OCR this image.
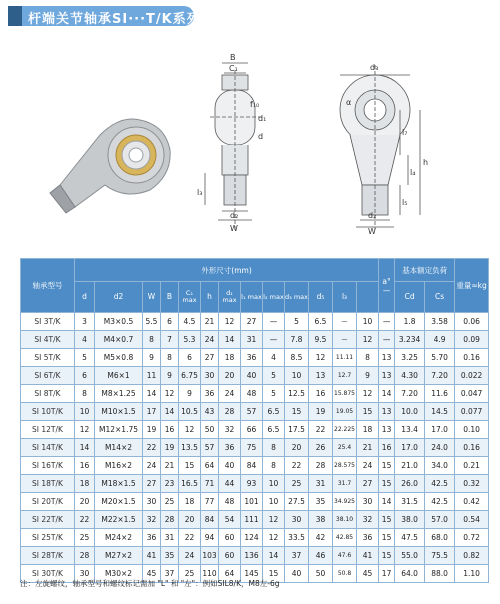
杆端关节轴承SI···T/K系列
B
C₁
f₁₀
d₁
d
l₃
d₂
W
d₃
α
l₇
l₄
h
l₅
d₂
W
轴承型号	外形尺寸(mm)													a°
—	基本额定负荷		重量≈kg
	d	d2	W	B	C₁ max	h	d₁ max	l₁ max	l₂ max	d₃ max	d₅	l₃			Cd	Cs	
SI 3T/K	3	M3×0.5	5.5	6	4.5	21	12	27	—	5	6.5	—	10	—	1.8	3.58	0.06
SI 4T/K	4	M4×0.7	8	7	5.3	24	14	31	—	7.8	9.5	—	12	—	3.234	4.9	0.09
SI 5T/K	5	M5×0.8	9	8	6	27	18	36	4	8.5	12	11.11	8	13	3.25	5.70	0.16
SI 6T/K	6	M6×1	11	9	6.75	30	20	40	5	10	13	12.7	9	13	4.30	7.20	0.022
SI 8T/K	8	M8×1.25	14	12	9	36	24	48	5	12.5	16	15.875	12	14	7.20	11.6	0.047
SI 10T/K	10	M10×1.5	17	14	10.5	43	28	57	6.5	15	19	19.05	15	13	10.0	14.5	0.077
SI 12T/K	12	M12×1.75	19	16	12	50	32	66	6.5	17.5	22	22.225	18	13	13.4	17.0	0.10
SI 14T/K	14	M14×2	22	19	13.5	57	36	75	8	20	26	25.4	21	16	17.0	24.0	0.16
SI 16T/K	16	M16×2	24	21	15	64	40	84	8	22	28	28.575	24	15	21.0	34.0	0.21
SI 18T/K	18	M18×1.5	27	23	16.5	71	44	93	10	25	31	31.7	27	15	26.0	42.5	0.32
SI 20T/K	20	M20×1.5	30	25	18	77	48	101	10	27.5	35	34.925	30	14	31.5	42.5	0.42
SI 22T/K	22	M22×1.5	32	28	20	84	54	111	12	30	38	38.10	32	15	38.0	57.0	0.54
SI 25T/K	25	M24×2	36	31	22	94	60	124	12	33.5	42	42.85	36	15	47.5	68.0	0.72
SI 28T/K	28	M27×2	41	35	24	103	60	136	14	37	46	47.6	41	15	55.0	75.5	0.82
SI 30T/K	30	M30×2	45	37	25	110	64	145	15	40	50	50.8	45	17	64.0	88.0	1.10
注：左旋螺纹，轴承型号和螺纹标记需加 "L" 和 "左"：例如SIL8/K，M8左-6g
